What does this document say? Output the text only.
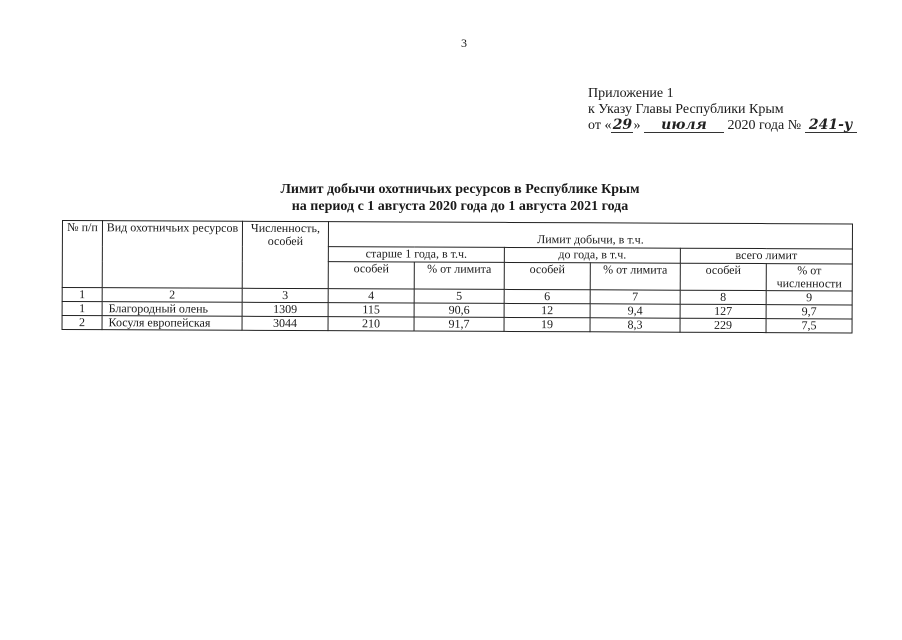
3
Приложение 1
к Указу Главы Республики Крым
от «29» июля 2020 года № 241-у
Лимит добычи охотничьих ресурсов в Республике Крым
на период с 1 августа 2020 года до 1 августа 2021 года
№ п/п	Вид охотничьих ресурсов	Численность, особей	Лимит добычи, в т.ч.					
			старше 1 года, в т.ч.		до года, в т.ч.		всего лимит	
			особей	% от лимита	особей	% от лимита	особей	% от численности
1	2	3	4	5	6	7	8	9
1	Благородный олень	1309	115	90,6	12	9,4	127	9,7
2	Косуля европейская	3044	210	91,7	19	8,3	229	7,5
